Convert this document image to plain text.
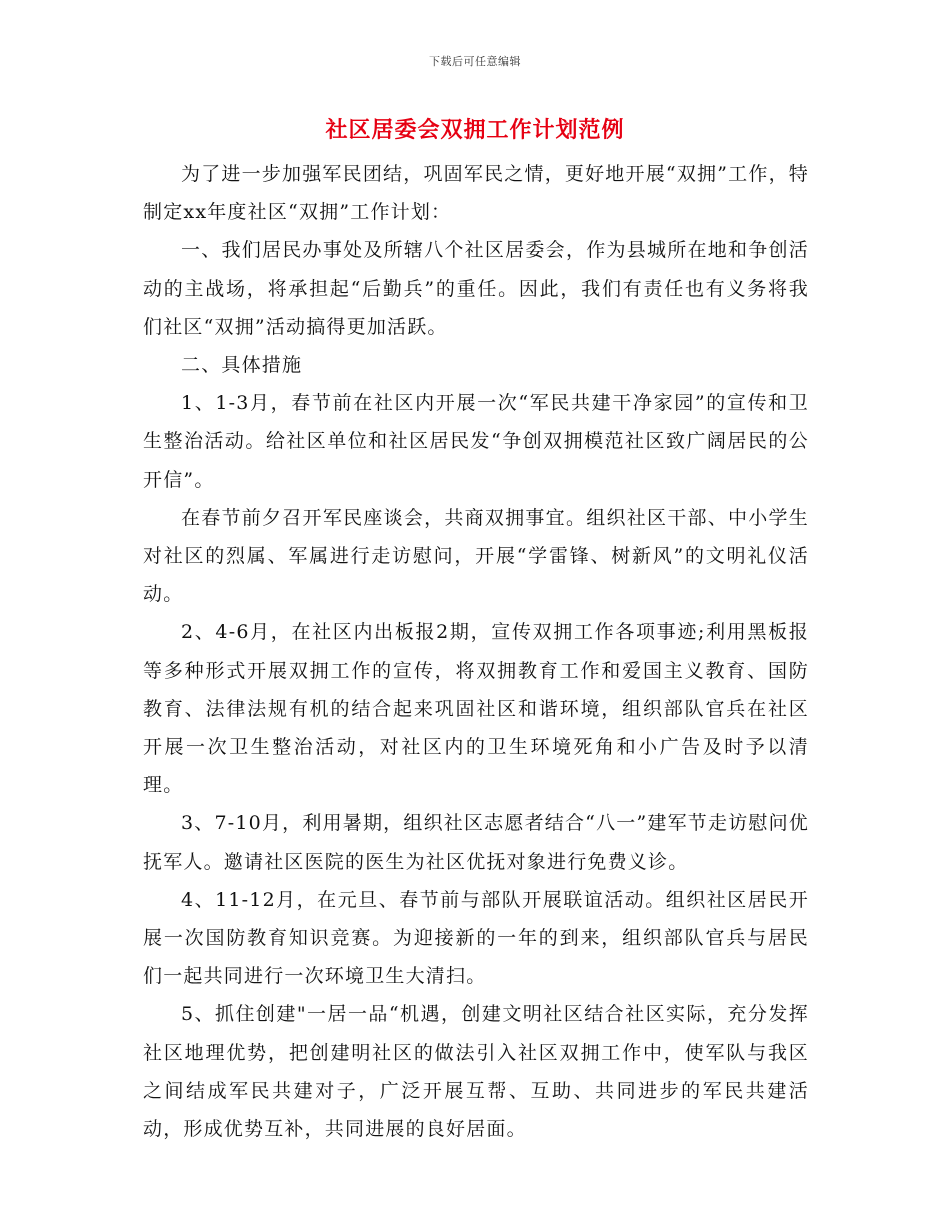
下载后可任意编辑
社区居委会双拥工作计划范例

为了进一步加强军民团结，巩固军民之情，更好地开展“双拥”工作，特制定xx年度社区“双拥”工作计划：

一、我们居民办事处及所辖八个社区居委会，作为县城所在地和争创活动的主战场，将承担起“后勤兵”的重任。因此，我们有责任也有义务将我们社区“双拥”活动搞得更加活跃。

二、具体措施

1、1-3月，春节前在社区内开展一次“军民共建干净家园”的宣传和卫生整治活动。给社区单位和社区居民发“争创双拥模范社区致广阔居民的公开信”。

在春节前夕召开军民座谈会，共商双拥事宜。组织社区干部、中小学生对社区的烈属、军属进行走访慰问，开展“学雷锋、树新风”的文明礼仪活动。

2、4-6月，在社区内出板报2期，宣传双拥工作各项事迹;利用黑板报等多种形式开展双拥工作的宣传，将双拥教育工作和爱国主义教育、国防教育、法律法规有机的结合起来巩固社区和谐环境，组织部队官兵在社区开展一次卫生整治活动，对社区内的卫生环境死角和小广告及时予以清理。

3、7-10月，利用暑期，组织社区志愿者结合“八一”建军节走访慰问优抚军人。邀请社区医院的医生为社区优抚对象进行免费义诊。

4、11-12月，在元旦、春节前与部队开展联谊活动。组织社区居民开展一次国防教育知识竞赛。为迎接新的一年的到来，组织部队官兵与居民们一起共同进行一次环境卫生大清扫。

5、抓住创建"一居一品“机遇，创建文明社区结合社区实际，充分发挥社区地理优势，把创建明社区的做法引入社区双拥工作中，使军队与我区之间结成军民共建对子，广泛开展互帮、互助、共同进步的军民共建活动，形成优势互补，共同进展的良好居面。
